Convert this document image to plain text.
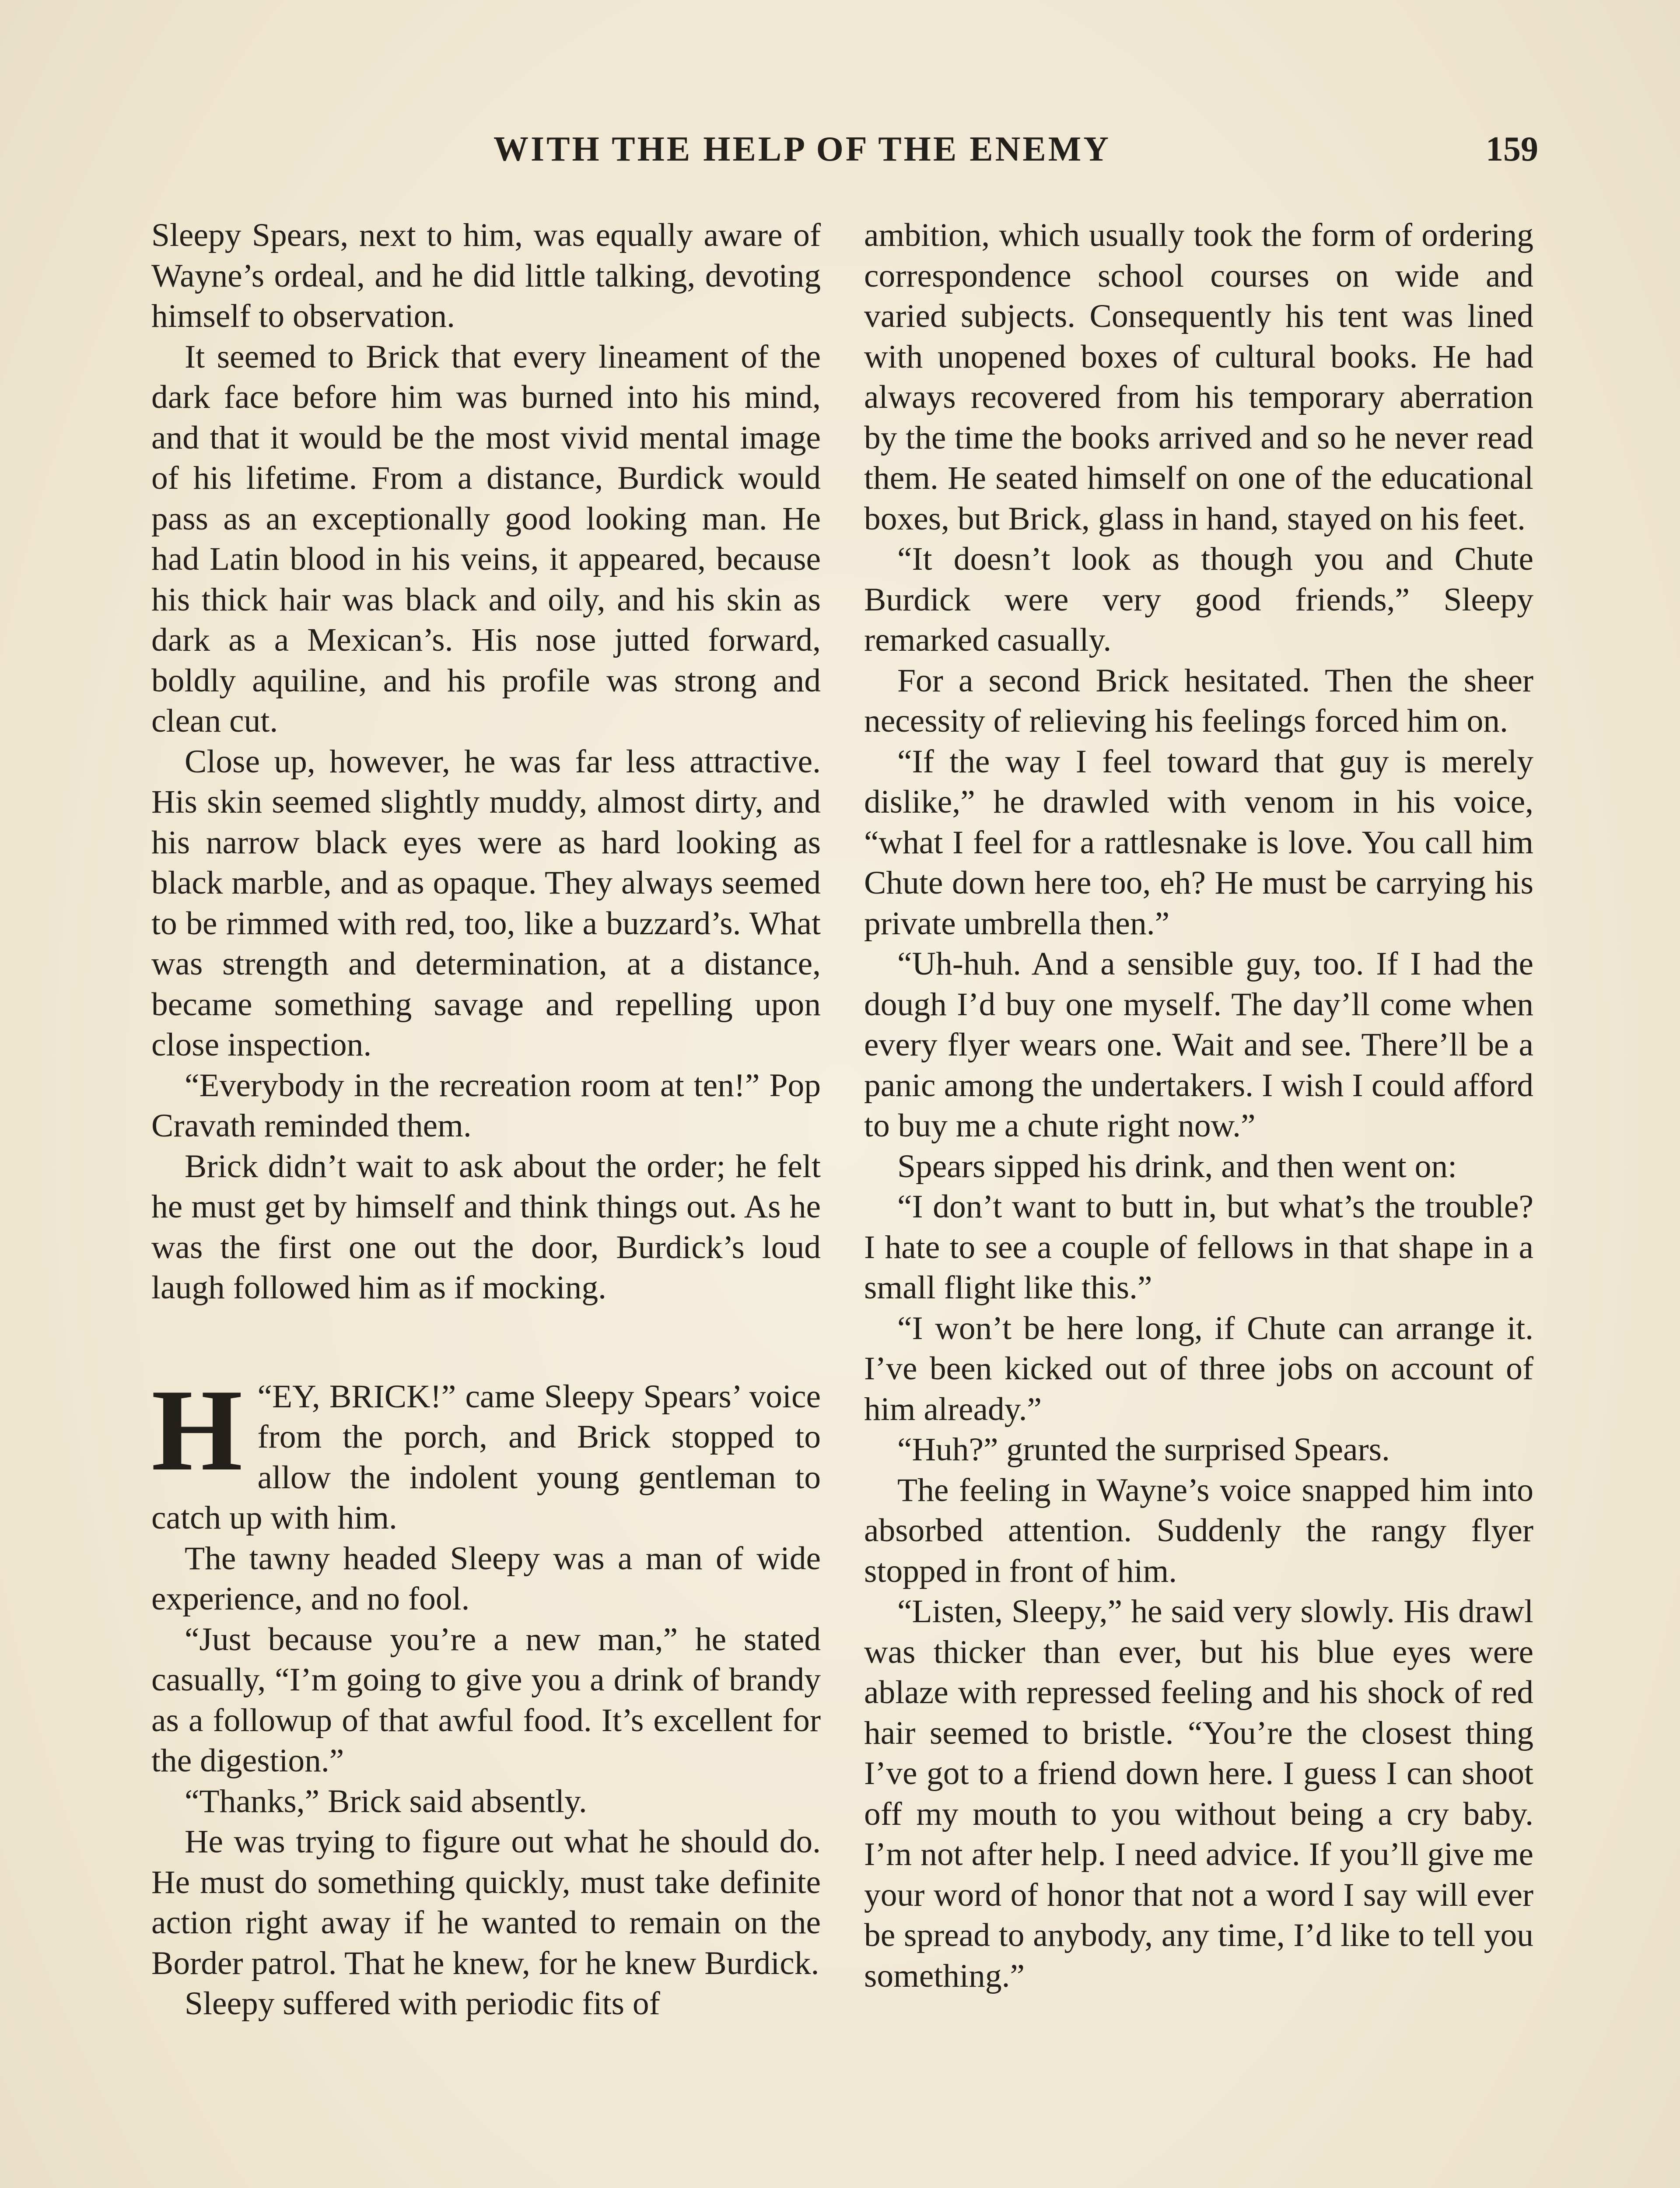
WITH THE HELP OF THE ENEMY	159

Sleepy Spears, next to him, was equally aware of Wayne’s ordeal, and he did little talking, devoting himself to observation.

It seemed to Brick that every lineament of the dark face before him was burned into his mind, and that it would be the most vivid mental image of his lifetime. From a distance, Burdick would pass as an exceptionally good looking man. He had Latin blood in his veins, it appeared, because his thick hair was black and oily, and his skin as dark as a Mexican’s. His nose jutted forward, boldly aquiline, and his profile was strong and clean cut.

Close up, however, he was far less attractive. His skin seemed slightly muddy, almost dirty, and his narrow black eyes were as hard looking as black marble, and as opaque. They always seemed to be rimmed with red, too, like a buzzard’s. What was strength and determination, at a distance, became something savage and repelling upon close inspection.

“Everybody in the recreation room at ten!” Pop Cravath reminded them.

Brick didn’t wait to ask about the order; he felt he must get by himself and think things out. As he was the first one out the door, Burdick’s loud laugh followed him as if mocking.

“
H EY, BRICK!” came Sleepy Spears’ voice from the porch, and Brick stopped to allow the indolent young gentleman to catch up with him.

The tawny headed Sleepy was a man of wide experience, and no fool.

“Just because you’re a new man,” he stated casually, “I’m going to give you a drink of brandy as a followup of that awful food. It’s excellent for the digestion.”

“Thanks,” Brick said absently.

He was trying to figure out what he should do. He must do something quickly, must take definite action right away if he wanted to remain on the Border patrol. That he knew, for he knew Burdick.

Sleepy suffered with periodic fits of

ambition, which usually took the form of ordering correspondence school courses on wide and varied subjects. Consequently his tent was lined with unopened boxes of cultural books. He had always recovered from his temporary aberration by the time the books arrived and so he never read them. He seated himself on one of the educational boxes, but Brick, glass in hand, stayed on his feet.

“It doesn’t look as though you and Chute Burdick were very good friends,” Sleepy remarked casually.

For a second Brick hesitated. Then the sheer necessity of relieving his feelings forced him on.

“If the way I feel toward that guy is merely dislike,” he drawled with venom in his voice, “what I feel for a rattlesnake is love. You call him Chute down here too, eh? He must be carrying his private umbrella then.”

“Uh-huh. And a sensible guy, too. If I had the dough I’d buy one myself. The day’ll come when every flyer wears one. Wait and see. There’ll be a panic among the undertakers. I wish I could afford to buy me a chute right now.”

Spears sipped his drink, and then went on:

“I don’t want to butt in, but what’s the trouble? I hate to see a couple of fellows in that shape in a small flight like this.”

“I won’t be here long, if Chute can arrange it. I’ve been kicked out of three jobs on account of him already.”

“Huh?” grunted the surprised Spears.

The feeling in Wayne’s voice snapped him into absorbed attention. Suddenly the rangy flyer stopped in front of him.

“Listen, Sleepy,” he said very slowly. His drawl was thicker than ever, but his blue eyes were ablaze with repressed feeling and his shock of red hair seemed to bristle. “You’re the closest thing I’ve got to a friend down here. I guess I can shoot off my mouth to you without being a cry baby. I’m not after help. I need advice. If you’ll give me your word of honor that not a word I say will ever be spread to anybody, any time, I’d like to tell you something.”
